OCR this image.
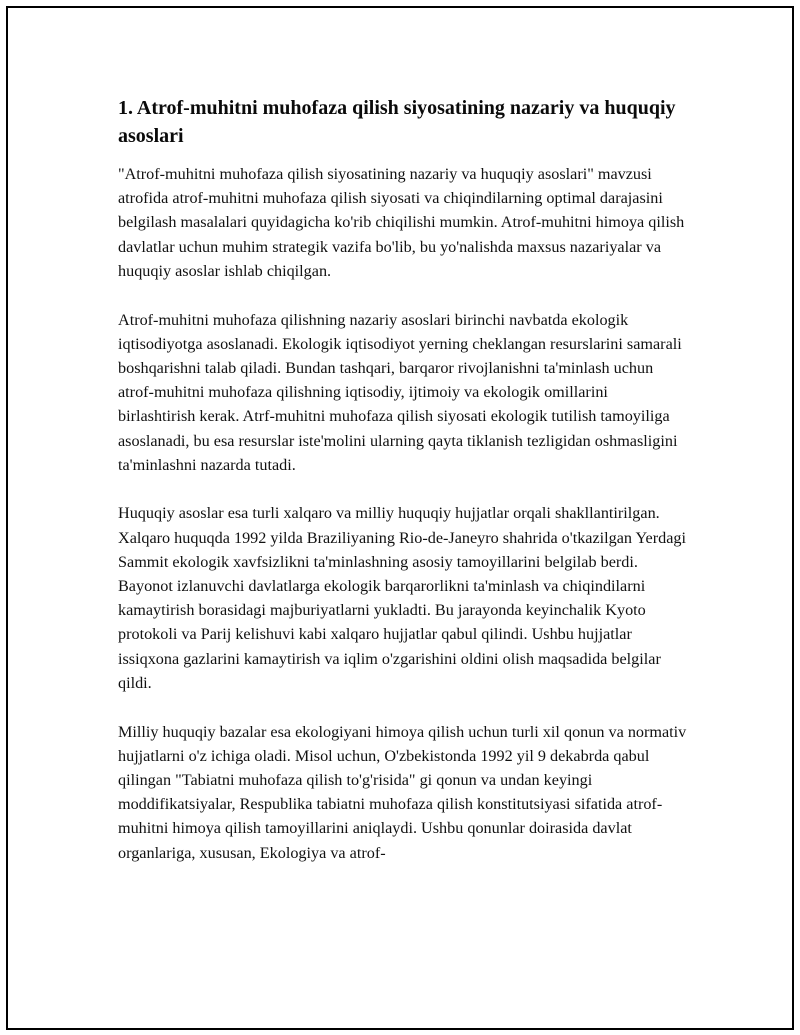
1. Atrof-muhitni muhofaza qilish siyosatining nazariy va huquqiy asoslari

"Atrof-muhitni muhofaza qilish siyosatining nazariy va huquqiy asoslari" mavzusi atrofida atrof-muhitni muhofaza qilish siyosati va chiqindilarning optimal darajasini belgilash masalalari quyidagicha ko'rib chiqilishi mumkin. Atrof-muhitni himoya qilish davlatlar uchun muhim strategik vazifa bo'lib, bu yo'nalishda maxsus nazariyalar va huquqiy asoslar ishlab chiqilgan.

Atrof-muhitni muhofaza qilishning nazariy asoslari birinchi navbatda ekologik iqtisodiyotga asoslanadi. Ekologik iqtisodiyot yerning cheklangan resurslarini samarali boshqarishni talab qiladi. Bundan tashqari, barqaror rivojlanishni ta'minlash uchun atrof-muhitni muhofaza qilishning iqtisodiy, ijtimoiy va ekologik omillarini birlashtirish kerak. Atrf-muhitni muhofaza qilish siyosati ekologik tutilish tamoyiliga asoslanadi, bu esa resurslar iste'molini ularning qayta tiklanish tezligidan oshmasligini ta'minlashni nazarda tutadi.

Huquqiy asoslar esa turli xalqaro va milliy huquqiy hujjatlar orqali shakllantirilgan. Xalqaro huquqda 1992 yilda Braziliyaning Rio-de-Janeyro shahrida o'tkazilgan Yerdagi Sammit ekologik xavfsizlikni ta'minlashning asosiy tamoyillarini belgilab berdi. Bayonot izlanuvchi davlatlarga ekologik barqarorlikni ta'minlash va chiqindilarni kamaytirish borasidagi majburiyatlarni yukladti. Bu jarayonda keyinchalik Kyoto protokoli va Parij kelishuvi kabi xalqaro hujjatlar qabul qilindi. Ushbu hujjatlar issiqxona gazlarini kamaytirish va iqlim o'zgarishini oldini olish maqsadida belgilar qildi.

Milliy huquqiy bazalar esa ekologiyani himoya qilish uchun turli xil qonun va normativ hujjatlarni o'z ichiga oladi. Misol uchun, O'zbekistonda 1992 yil 9 dekabrda qabul qilingan "Tabiatni muhofaza qilish to'g'risida" gi qonun va undan keyingi moddifikatsiyalar, Respublika tabiatni muhofaza qilish konstitutsiyasi sifatida atrof-muhitni himoya qilish tamoyillarini aniqlaydi. Ushbu qonunlar doirasida davlat organlariga, xususan, Ekologiya va atrof-
